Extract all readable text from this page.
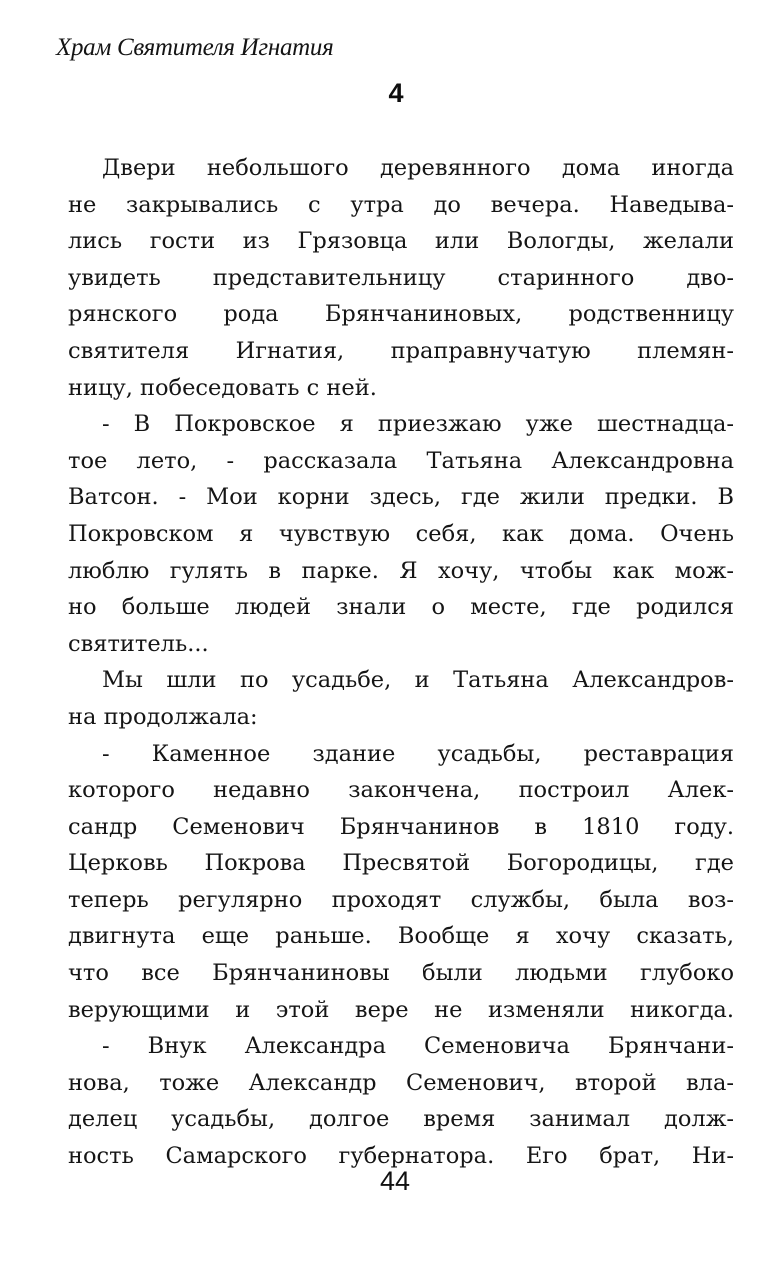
Храм Святителя Игнатия
4
Двери небольшого деревянного дома иногда
не закрывались с утра до вечера. Наведыва-
лись гости из Грязовца или Вологды, желали
увидеть представительницу старинного дво-
рянского рода Брянчаниновых, родственницу
святителя Игнатия, праправнучатую племян-
ницу, побеседовать с ней.
- В Покровское я приезжаю уже шестнадца-
тое лето, - рассказала Татьяна Александровна
Ватсон. - Мои корни здесь, где жили предки. В
Покровском я чувствую себя, как дома. Очень
люблю гулять в парке. Я хочу, чтобы как мож-
но больше людей знали о месте, где родился
святитель...
Мы шли по усадьбе, и Татьяна Александров-
на продолжала:
- Каменное здание усадьбы, реставрация
которого недавно закончена, построил Алек-
сандр Семенович Брянчанинов в 1810 году.
Церковь Покрова Пресвятой Богородицы, где
теперь регулярно проходят службы, была воз-
двигнута еще раньше. Вообще я хочу сказать,
что все Брянчаниновы были людьми глубоко
верующими и этой вере не изменяли никогда.
- Внук Александра Семеновича Брянчани-
нова, тоже Александр Семенович, второй вла-
делец усадьбы, долгое время занимал долж-
ность Самарского губернатора. Его брат, Ни-
44
